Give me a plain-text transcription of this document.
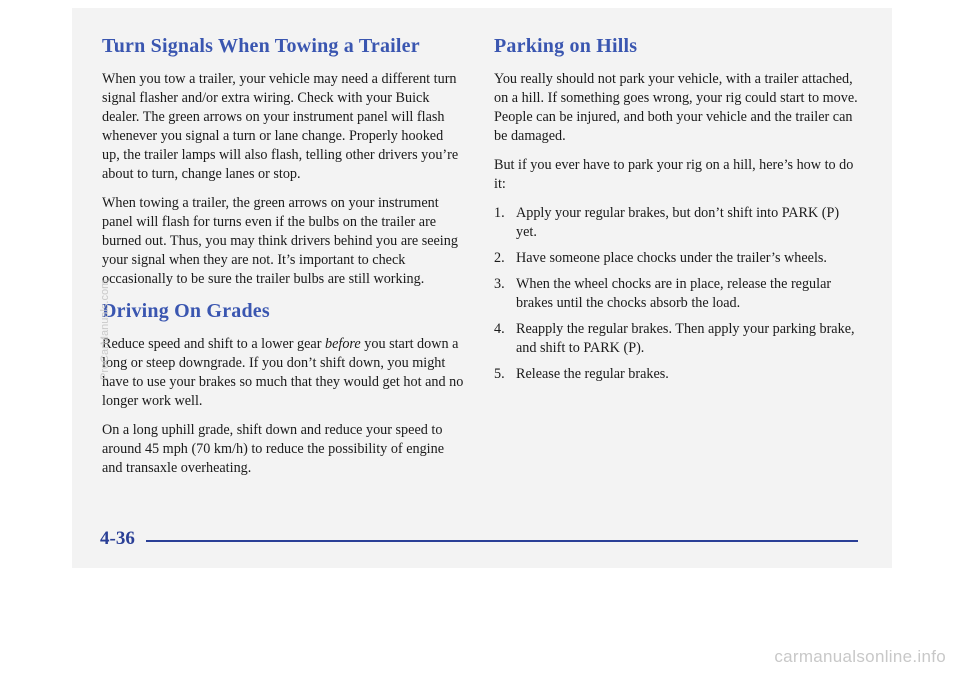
Turn Signals When Towing a Trailer

When you tow a trailer, your vehicle may need a different turn signal flasher and/or extra wiring. Check with your Buick dealer. The green arrows on your instrument panel will flash whenever you signal a turn or lane change. Properly hooked up, the trailer lamps will also flash, telling other drivers you’re about to turn, change lanes or stop.

When towing a trailer, the green arrows on your instrument panel will flash for turns even if the bulbs on the trailer are burned out. Thus, you may think drivers behind you are seeing your signal when they are not. It’s important to check occasionally to be sure the trailer bulbs are still working.

Driving On Grades

Reduce speed and shift to a lower gear before you start down a long or steep downgrade. If you don’t shift down, you might have to use your brakes so much that they would get hot and no longer work well.

On a long uphill grade, shift down and reduce your speed to around 45 mph (70 km/h) to reduce the possibility of engine and transaxle overheating.

Parking on Hills

You really should not park your vehicle, with a trailer attached, on a hill. If something goes wrong, your rig could start to move. People can be injured, and both your vehicle and the trailer can be damaged.

But if you ever have to park your rig on a hill, here’s how to do it:

1. Apply your regular brakes, but don’t shift into PARK (P) yet.
2. Have someone place chocks under the trailer’s wheels.
3. When the wheel chocks are in place, release the regular brakes until the chocks absorb the load.
4. Reapply the regular brakes. Then apply your parking brake, and shift to PARK (P).
5. Release the regular brakes.
4-36
ProCarManuals.com
carmanualsonline.info
